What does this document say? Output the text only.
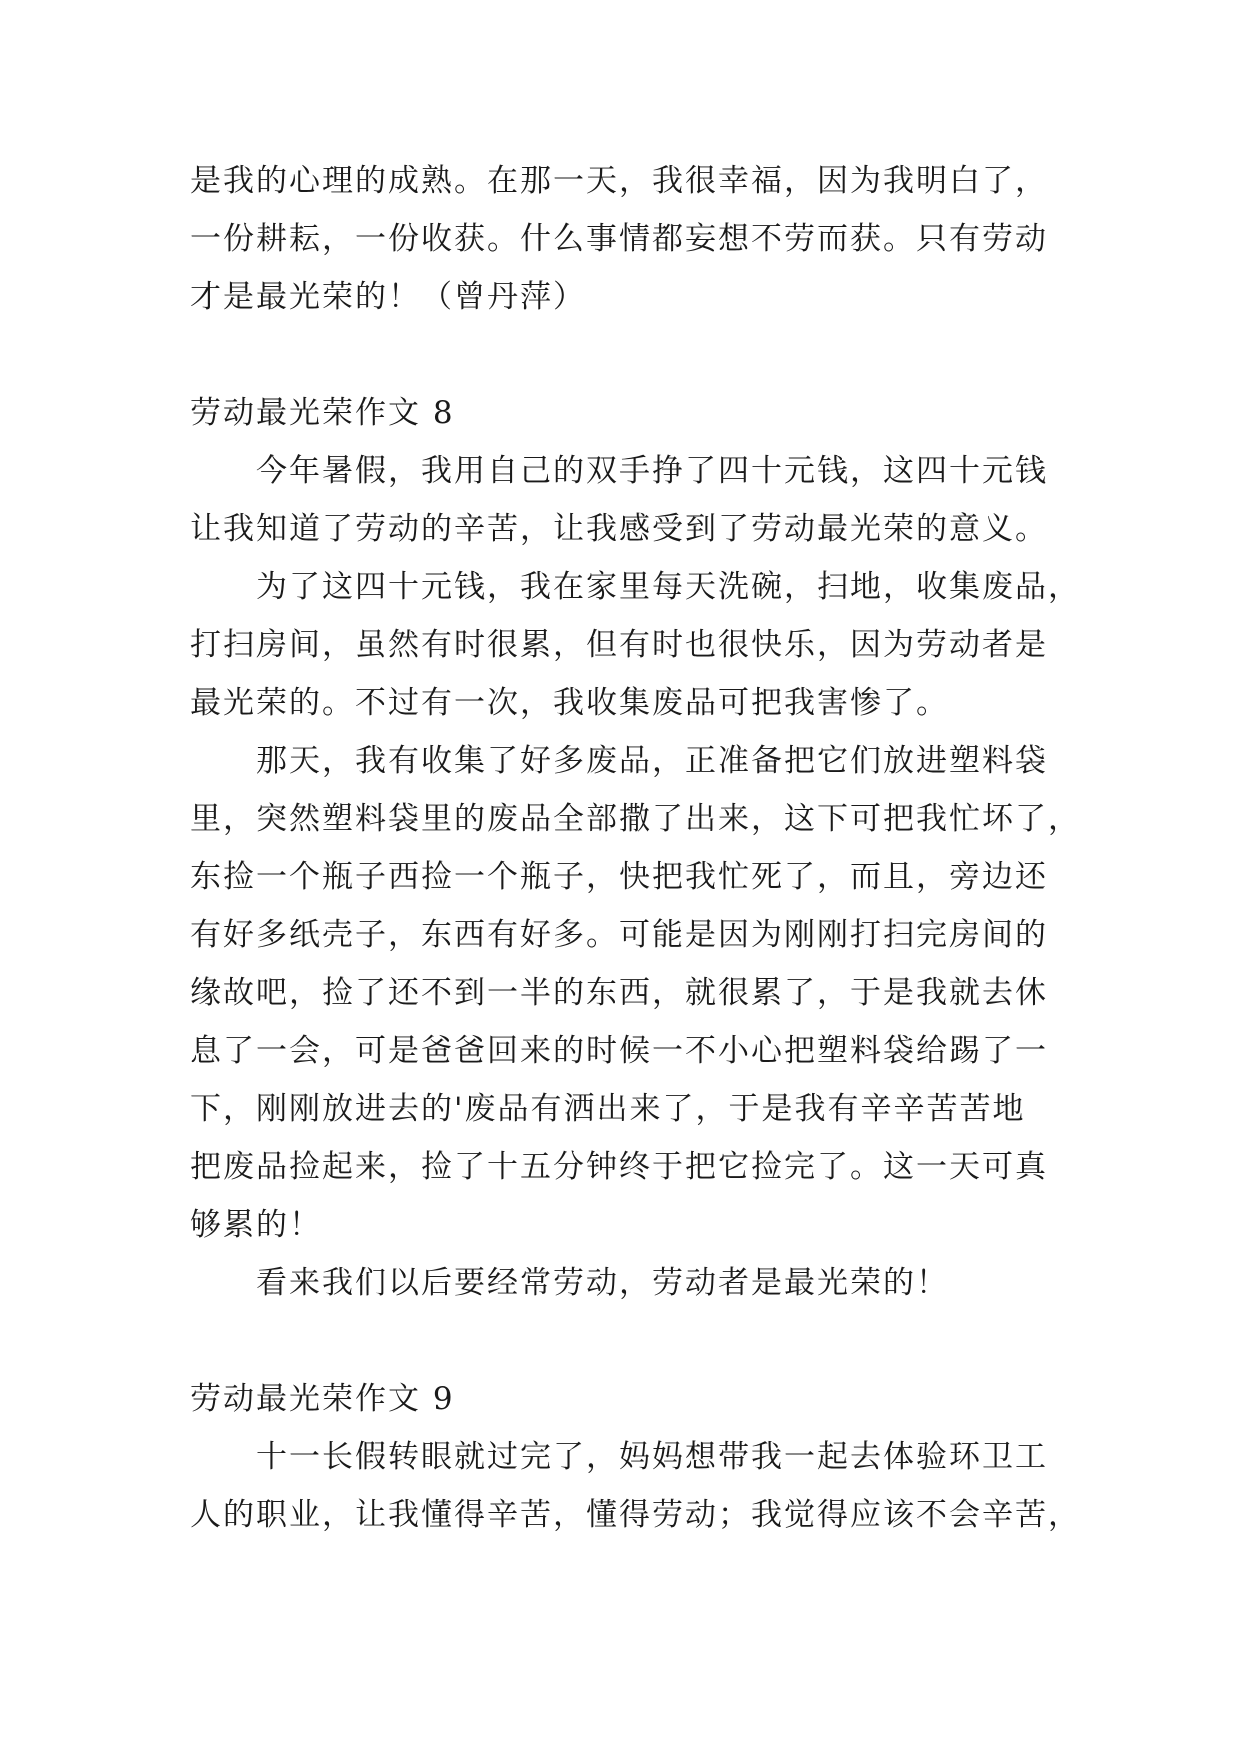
是我的心理的成熟。在那一天，我很幸福，因为我明白了，
一份耕耘，一份收获。什么事情都妄想不劳而获。只有劳动
才是最光荣的！（曾丹萍）
劳动最光荣作文 8
今年暑假，我用自己的双手挣了四十元钱，这四十元钱
让我知道了劳动的辛苦，让我感受到了劳动最光荣的意义。
为了这四十元钱，我在家里每天洗碗，扫地，收集废品，
打扫房间，虽然有时很累，但有时也很快乐，因为劳动者是
最光荣的。不过有一次，我收集废品可把我害惨了。
那天，我有收集了好多废品，正准备把它们放进塑料袋
里，突然塑料袋里的废品全部撒了出来，这下可把我忙坏了，
东捡一个瓶子西捡一个瓶子，快把我忙死了，而且，旁边还
有好多纸壳子，东西有好多。可能是因为刚刚打扫完房间的
缘故吧，捡了还不到一半的东西，就很累了，于是我就去休
息了一会，可是爸爸回来的时候一不小心把塑料袋给踢了一
下，刚刚放进去的'废品有洒出来了，于是我有辛辛苦苦地
把废品捡起来，捡了十五分钟终于把它捡完了。这一天可真
够累的！
看来我们以后要经常劳动，劳动者是最光荣的！
劳动最光荣作文 9
十一长假转眼就过完了，妈妈想带我一起去体验环卫工
人的职业，让我懂得辛苦，懂得劳动；我觉得应该不会辛苦，
